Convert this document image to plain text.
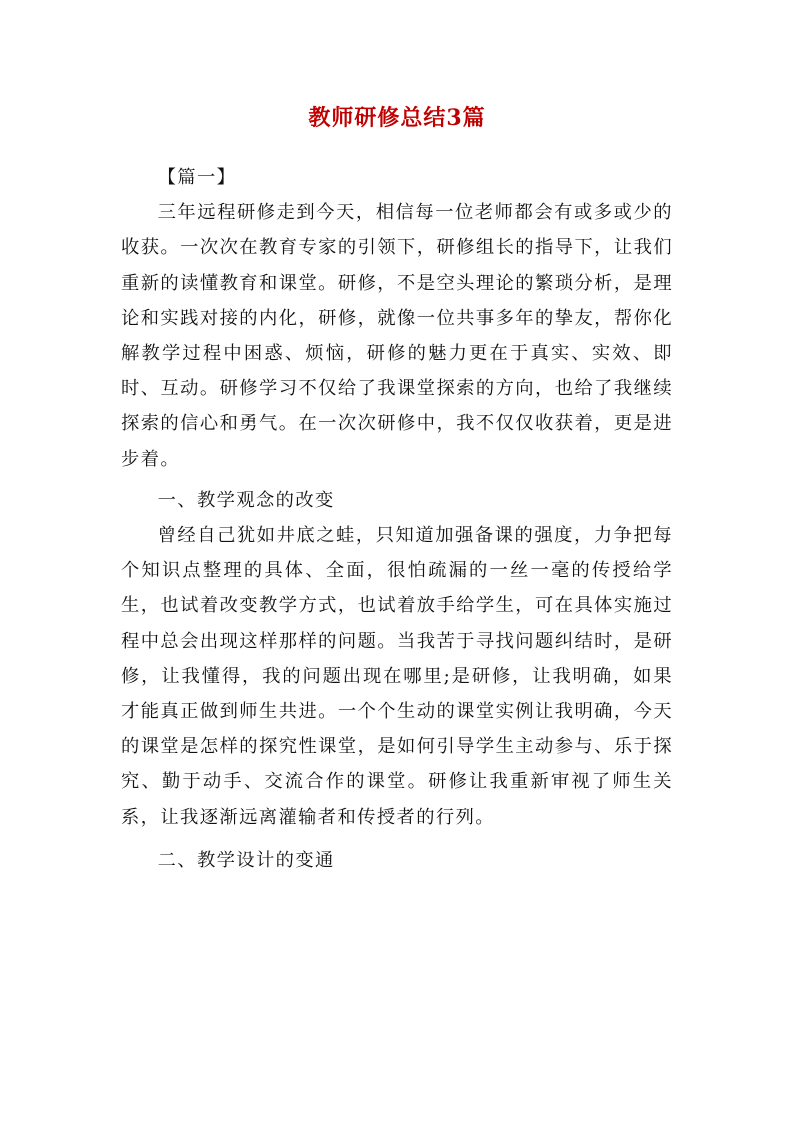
教师研修总结3篇

【篇一】

三年远程研修走到今天，相信每一位老师都会有或多或少的收获。一次次在教育专家的引领下，研修组长的指导下，让我们重新的读懂教育和课堂。研修，不是空头理论的繁琐分析，是理论和实践对接的内化，研修，就像一位共事多年的挚友，帮你化解教学过程中困惑、烦恼，研修的魅力更在于真实、实效、即时、互动。研修学习不仅给了我课堂探索的方向，也给了我继续探索的信心和勇气。在一次次研修中，我不仅仅收获着，更是进步着。

一、教学观念的改变

曾经自己犹如井底之蛙，只知道加强备课的强度，力争把每个知识点整理的具体、全面，很怕疏漏的一丝一毫的传授给学生，也试着改变教学方式，也试着放手给学生，可在具体实施过程中总会出现这样那样的问题。当我苦于寻找问题纠结时，是研修，让我懂得，我的问题出现在哪里;是研修，让我明确，如果才能真正做到师生共进。一个个生动的课堂实例让我明确，今天的课堂是怎样的探究性课堂，是如何引导学生主动参与、乐于探究、勤于动手、交流合作的课堂。研修让我重新审视了师生关系，让我逐渐远离灌输者和传授者的行列。

二、教学设计的变通
